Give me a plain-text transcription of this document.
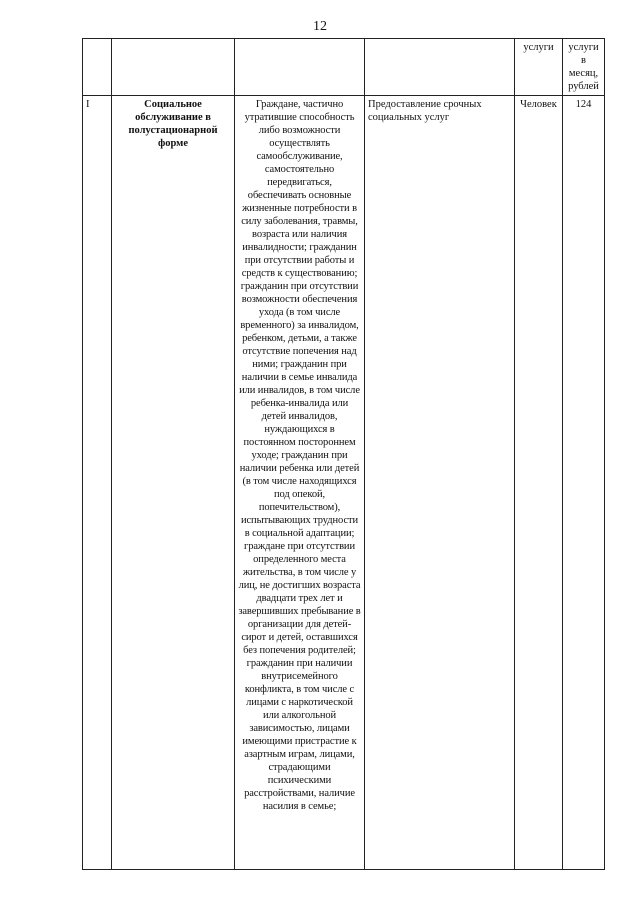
12
				услуги	услуги в месяц, рублей
I	Социальное обслуживание в полустационарной форме	Граждане, частично утратившие способность либо возможности осуществлять самообслуживание, самостоятельно передвигаться, обеспечивать основные жизненные потребности в силу заболевания, травмы, возраста или наличия инвалидности; гражданин при отсутствии работы и средств к существованию; гражданин при отсутствии возможности обеспечения ухода (в том числе временного) за инвалидом, ребенком, детьми, а также отсутствие попечения над ними; гражданин при наличии в семье инвалида или инвалидов, в том числе ребенка-инвалида или детей инвалидов, нуждающихся в постоянном постороннем уходе; гражданин при наличии ребенка или детей (в том числе находящихся под опекой, попечительством), испытывающих трудности в социальной адаптации; граждане при отсутствии определенного места жительства, в том числе у лиц, не достигших возраста двадцати трех лет и завершивших пребывание в организации для детей-сирот и детей, оставшихся без попечения родителей; гражданин при наличии внутрисемейного конфликта, в том числе с лицами с наркотической или алкогольной зависимостью, лицами имеющими пристрастие к азартным играм, лицами, страдающими психическими расстройствами, наличие насилия в семье;	Предоставление срочных социальных услуг	Человек	124
